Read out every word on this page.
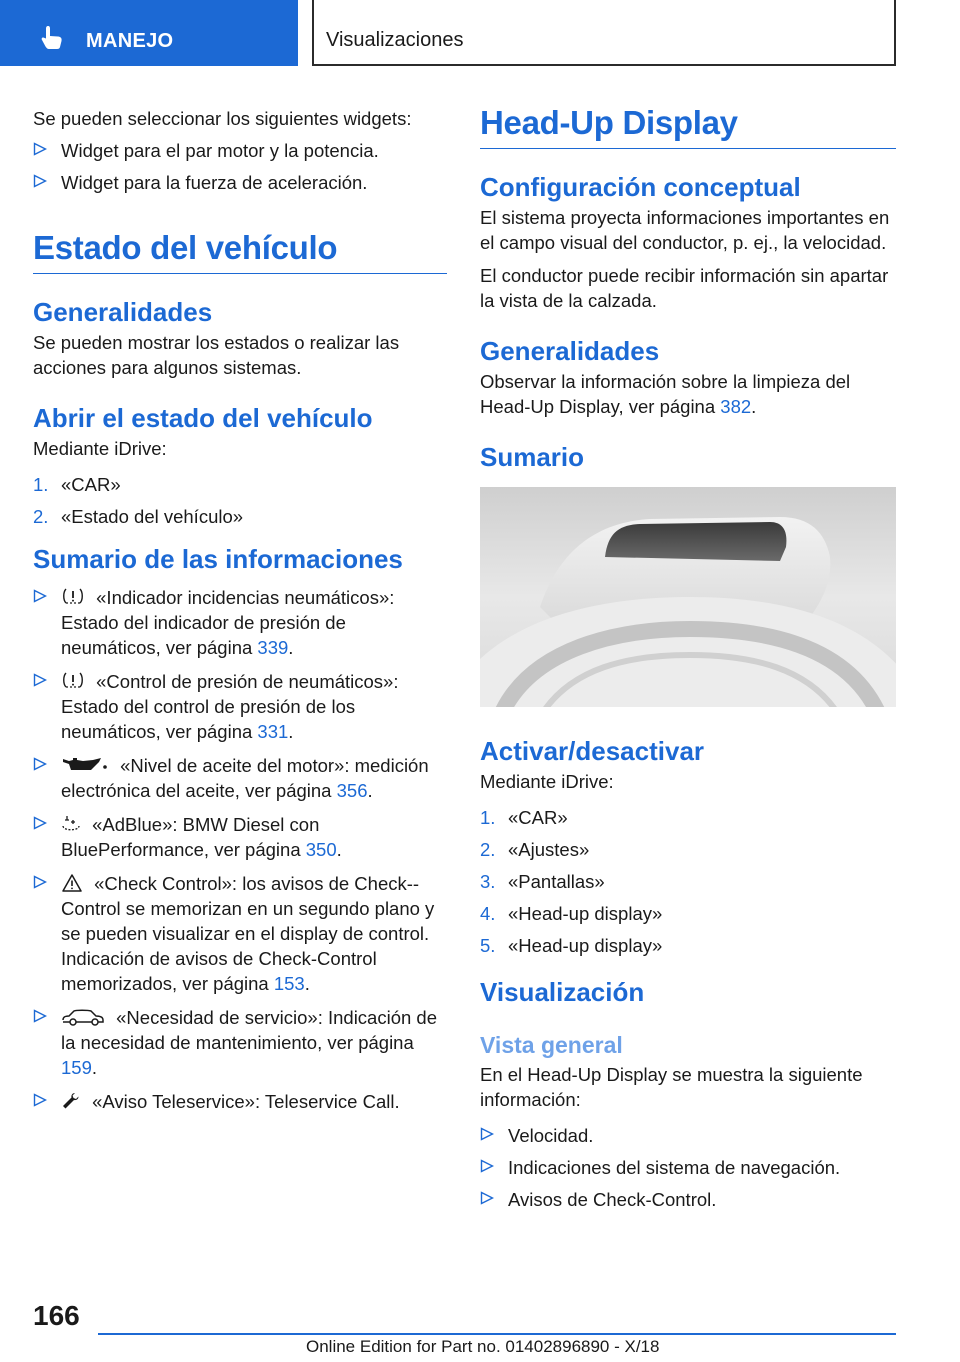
MANEJO	Visualizaciones

Se pueden seleccionar los siguientes widgets:

Widget para el par motor y la potencia.
Widget para la fuerza de aceleración.
Estado del vehículo
Generalidades

Se pueden mostrar los estados o realizar las acciones para algunos sistemas.

Abrir el estado del vehículo

Mediante iDrive:

1. «CAR»
2. «Estado del vehículo»
Sumario de las informaciones
«Indicador incidencias neumáticos»: Estado del indicador de presión de neumáticos, ver página 339.
«Control de presión de neumáticos»: Estado del control de presión de los neumáticos, ver página 331.
«Nivel de aceite del motor»: medición electrónica del aceite, ver página 356.
«AdBlue»: BMW Diesel con BluePerformance, ver página 350.
«Check Control»: los avisos de Check--Control se memorizan en un segundo plano y se pueden visualizar en el display de control. Indicación de avisos de Check-Control memorizados, ver página 153.
«Necesidad de servicio»: Indicación de la necesidad de mantenimiento, ver página 159.
«Aviso Teleservice»: Teleservice Call.
Head-Up Display
Configuración conceptual

El sistema proyecta informaciones importantes en el campo visual del conductor, p. ej., la velocidad.

El conductor puede recibir información sin apartar la vista de la calzada.

Generalidades

Observar la información sobre la limpieza del Head-Up Display, ver página 382.

Sumario
Activar/desactivar

Mediante iDrive:

1. «CAR»
2. «Ajustes»
3. «Pantallas»
4. «Head-up display»
5. «Head-up display»
Visualización
Vista general

En el Head-Up Display se muestra la siguiente información:

Velocidad.
Indicaciones del sistema de navegación.
Avisos de Check-Control.
166
Online Edition for Part no. 01402896890 - X/18
